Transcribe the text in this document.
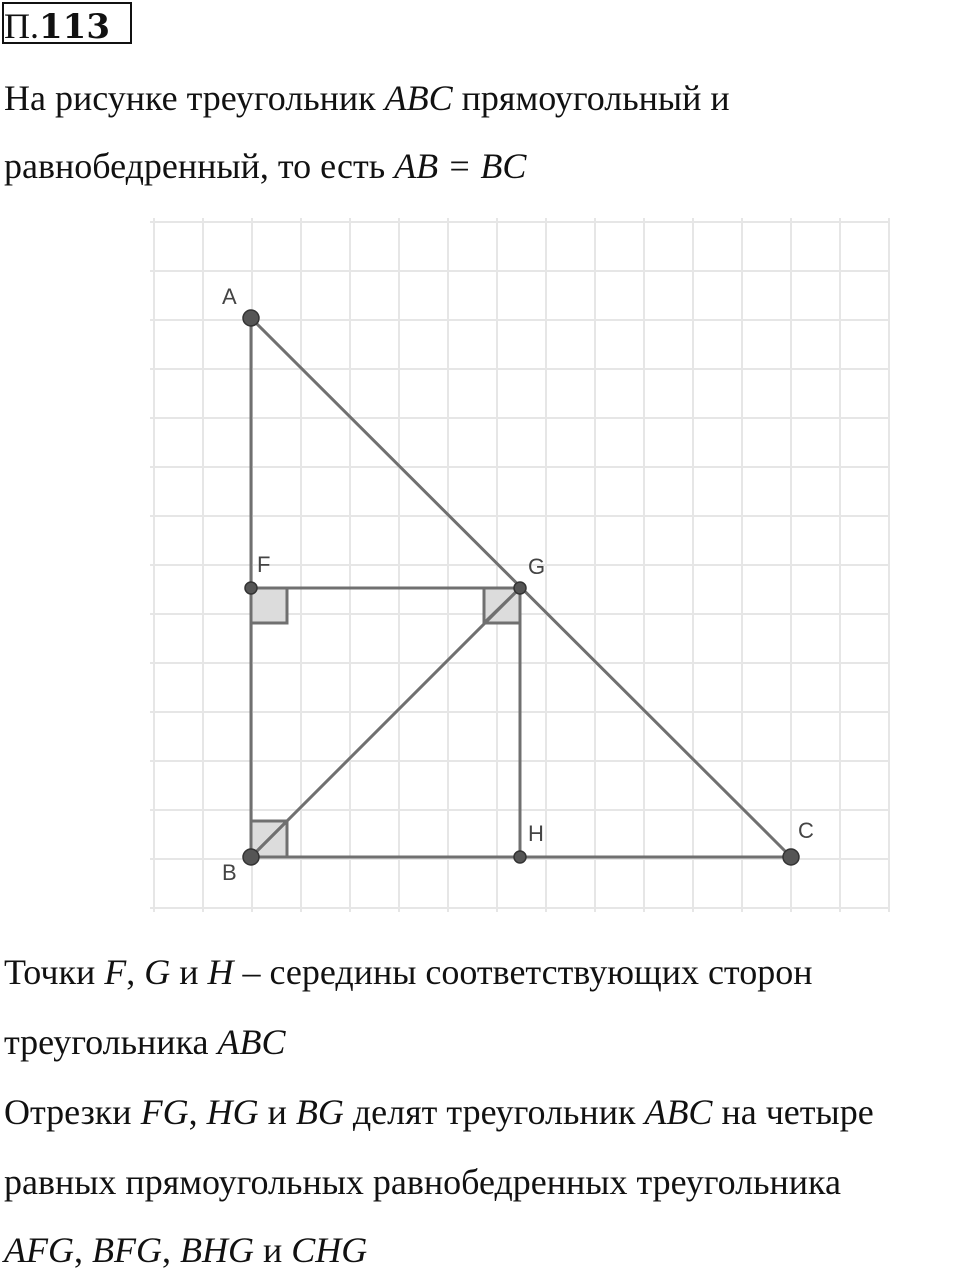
П. 113
На рисунке треугольник ABC прямоугольный и
равнобедренный, то есть AB = BC
A
B
C
F	G
H
Точки F, G и H – середины соответствующих сторон
треугольника ABC
Отрезки FG, HG и BG делят треугольник ABC на четыре
равных прямоугольных равнобедренных треугольника
AFG, BFG, BHG и CHG
